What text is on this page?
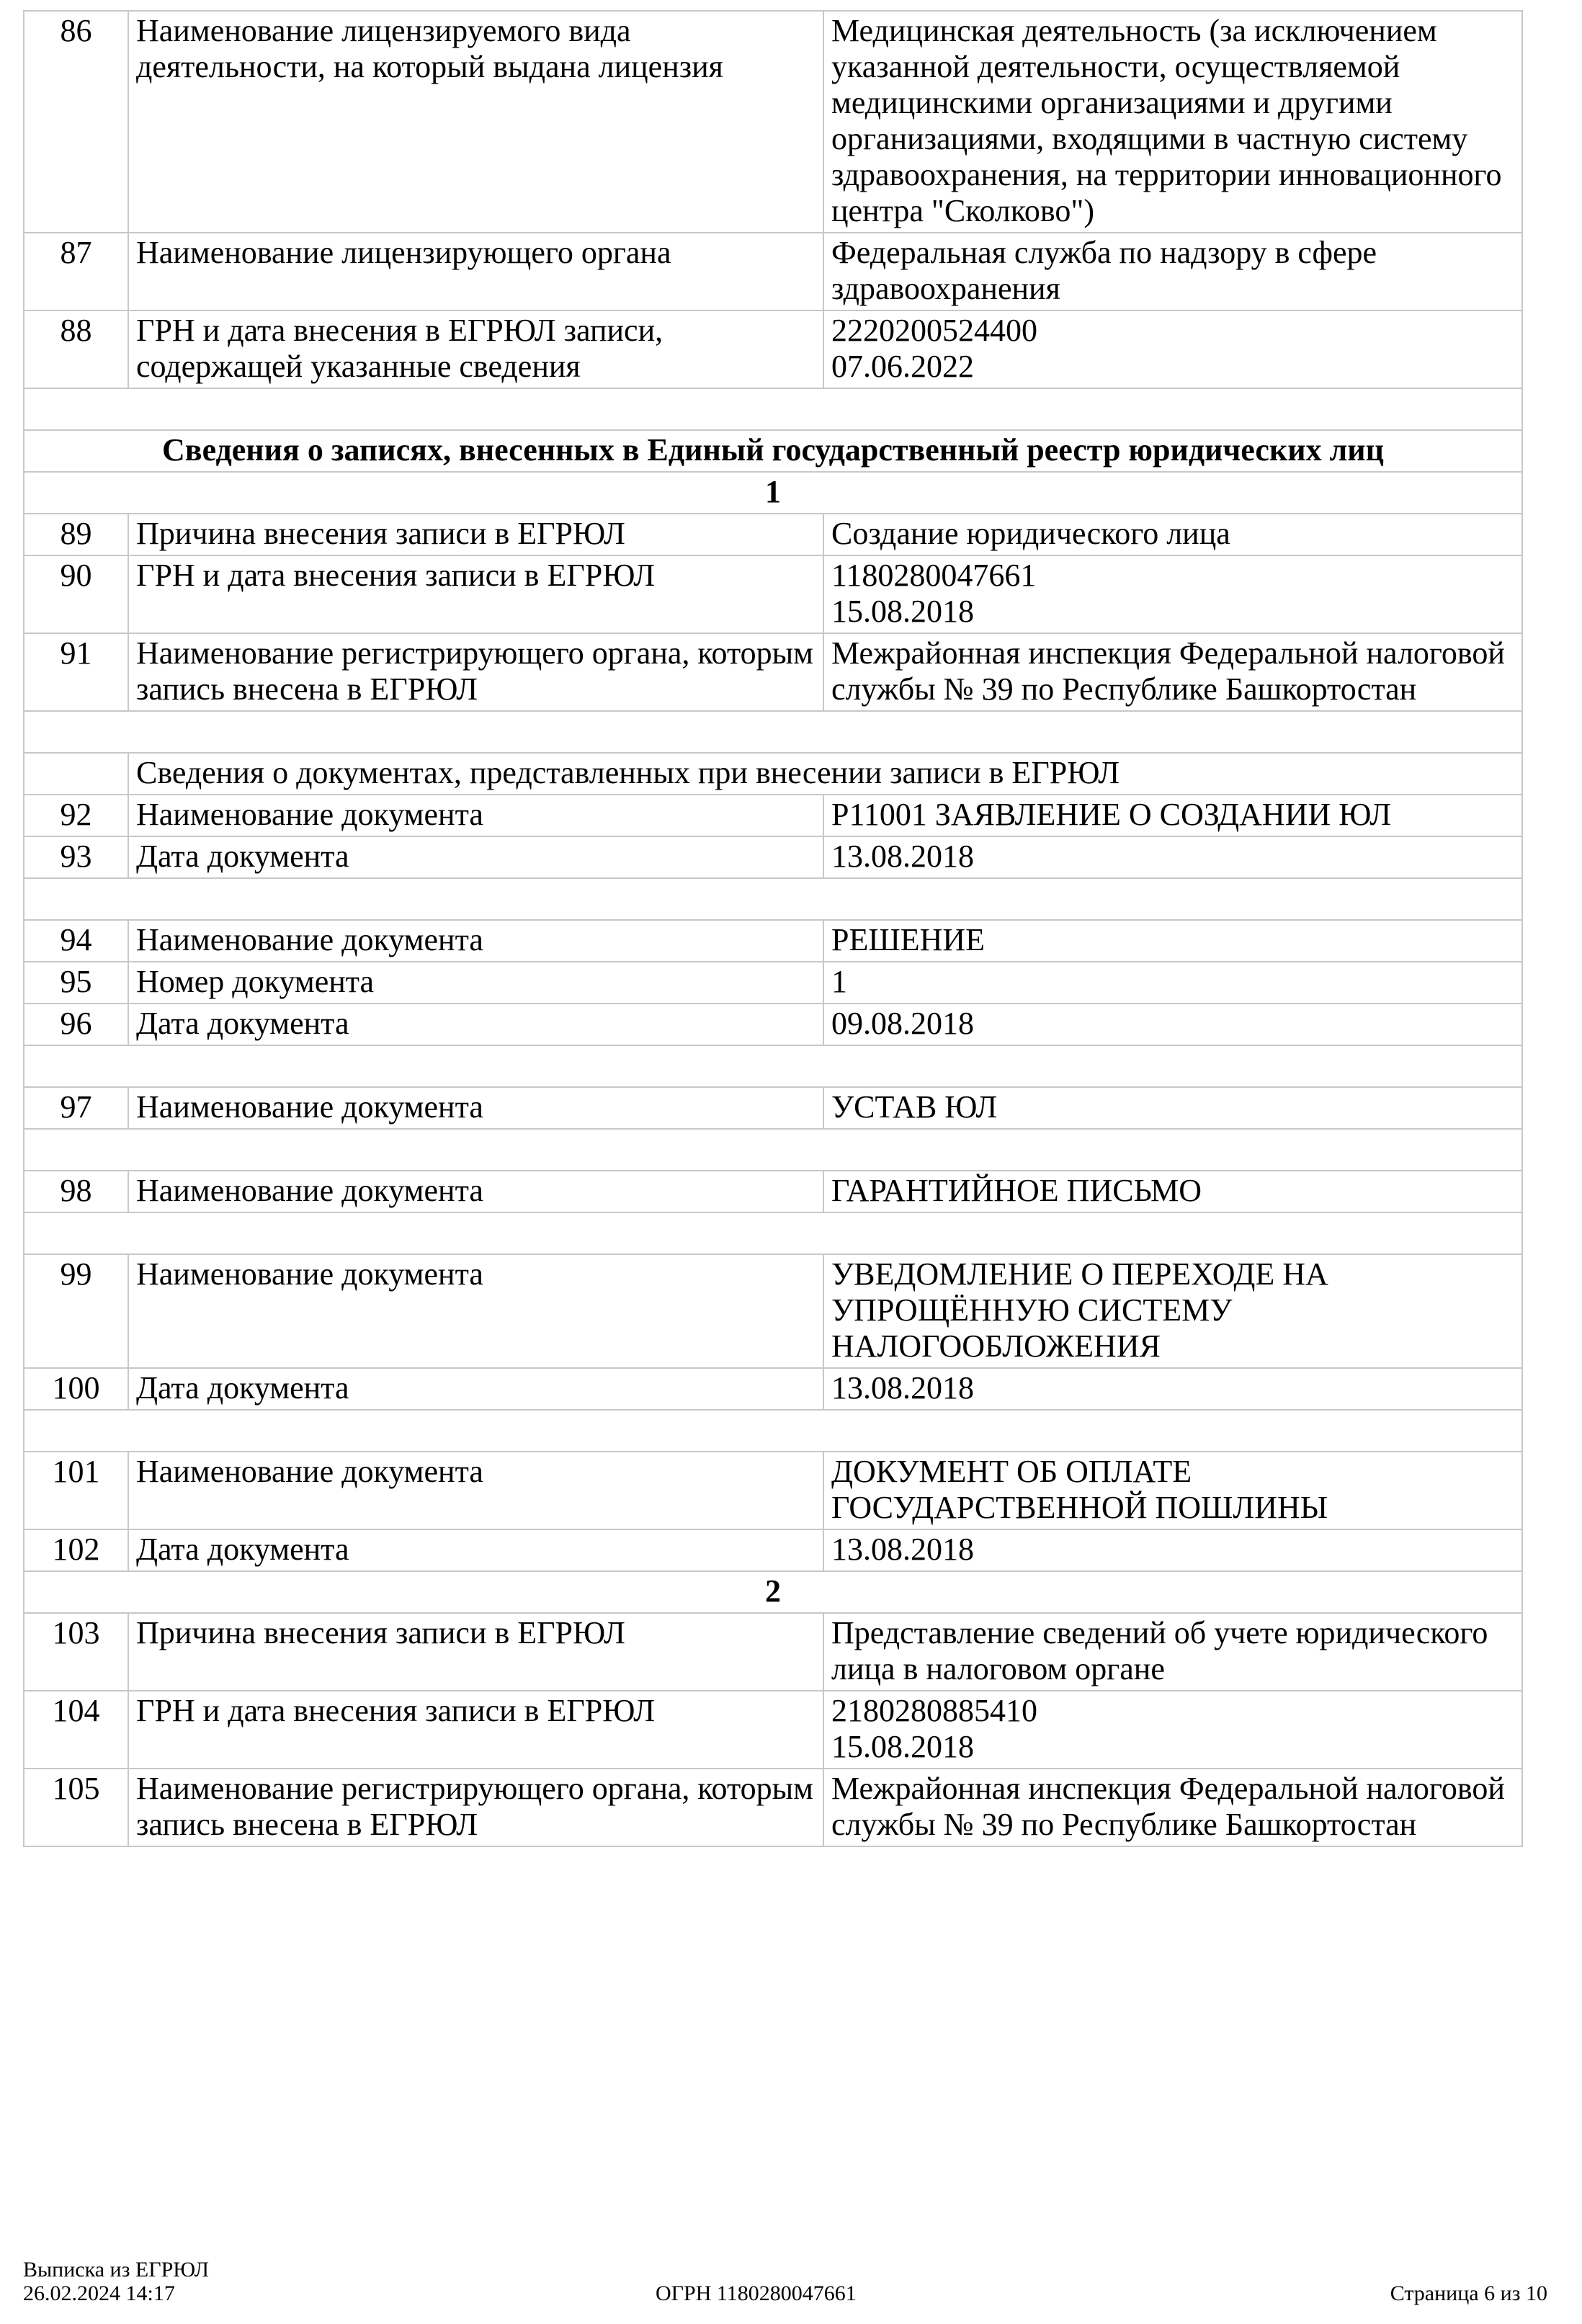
86	Наименование лицензируемого вида деятельности, на который выдана лицензия	Медицинская деятельность (за исключением указанной деятельности, осуществляемой медицинскими организациями и другими организациями, входящими в частную систему здравоохранения, на территории инновационного центра "Сколково")
87	Наименование лицензирующего органа	Федеральная служба по надзору в сфере здравоохранения
88	ГРН и дата внесения в ЕГРЮЛ записи, содержащей указанные сведения	2220200524400
07.06.2022

Сведения о записях, внесенных в Единый государственный реестр юридических лиц		
1		
89	Причина внесения записи в ЕГРЮЛ	Создание юридического лица
90	ГРН и дата внесения записи в ЕГРЮЛ	1180280047661
15.08.2018

91	Наименование регистрирующего органа, которым запись внесена в ЕГРЮЛ	Межрайонная инспекция Федеральной налоговой службы № 39 по Республике Башкортостан

	Сведения о документах, представленных при внесении записи в ЕГРЮЛ	
92	Наименование документа	Р11001 ЗАЯВЛЕНИЕ О СОЗДАНИИ ЮЛ
93	Дата документа	13.08.2018

94	Наименование документа	РЕШЕНИЕ
95	Номер документа	1
96	Дата документа	09.08.2018

97	Наименование документа	УСТАВ ЮЛ

98	Наименование документа	ГАРАНТИЙНОЕ ПИСЬМО

99	Наименование документа	УВЕДОМЛЕНИЕ О ПЕРЕХОДЕ НА УПРОЩЁННУЮ СИСТЕМУ НАЛОГООБЛОЖЕНИЯ
100	Дата документа	13.08.2018

101	Наименование документа	ДОКУМЕНТ ОБ ОПЛАТЕ ГОСУДАРСТВЕННОЙ ПОШЛИНЫ
102	Дата документа	13.08.2018
2		
103	Причина внесения записи в ЕГРЮЛ	Представление сведений об учете юридического лица в налоговом органе
104	ГРН и дата внесения записи в ЕГРЮЛ	2180280885410
15.08.2018

105	Наименование регистрирующего органа, которым запись внесена в ЕГРЮЛ	Межрайонная инспекция Федеральной налоговой службы № 39 по Республике Башкортостан
Выписка из ЕГРЮЛ
26.02.2024 14:17	ОГРН 1180280047661	Страница 6 из 10
